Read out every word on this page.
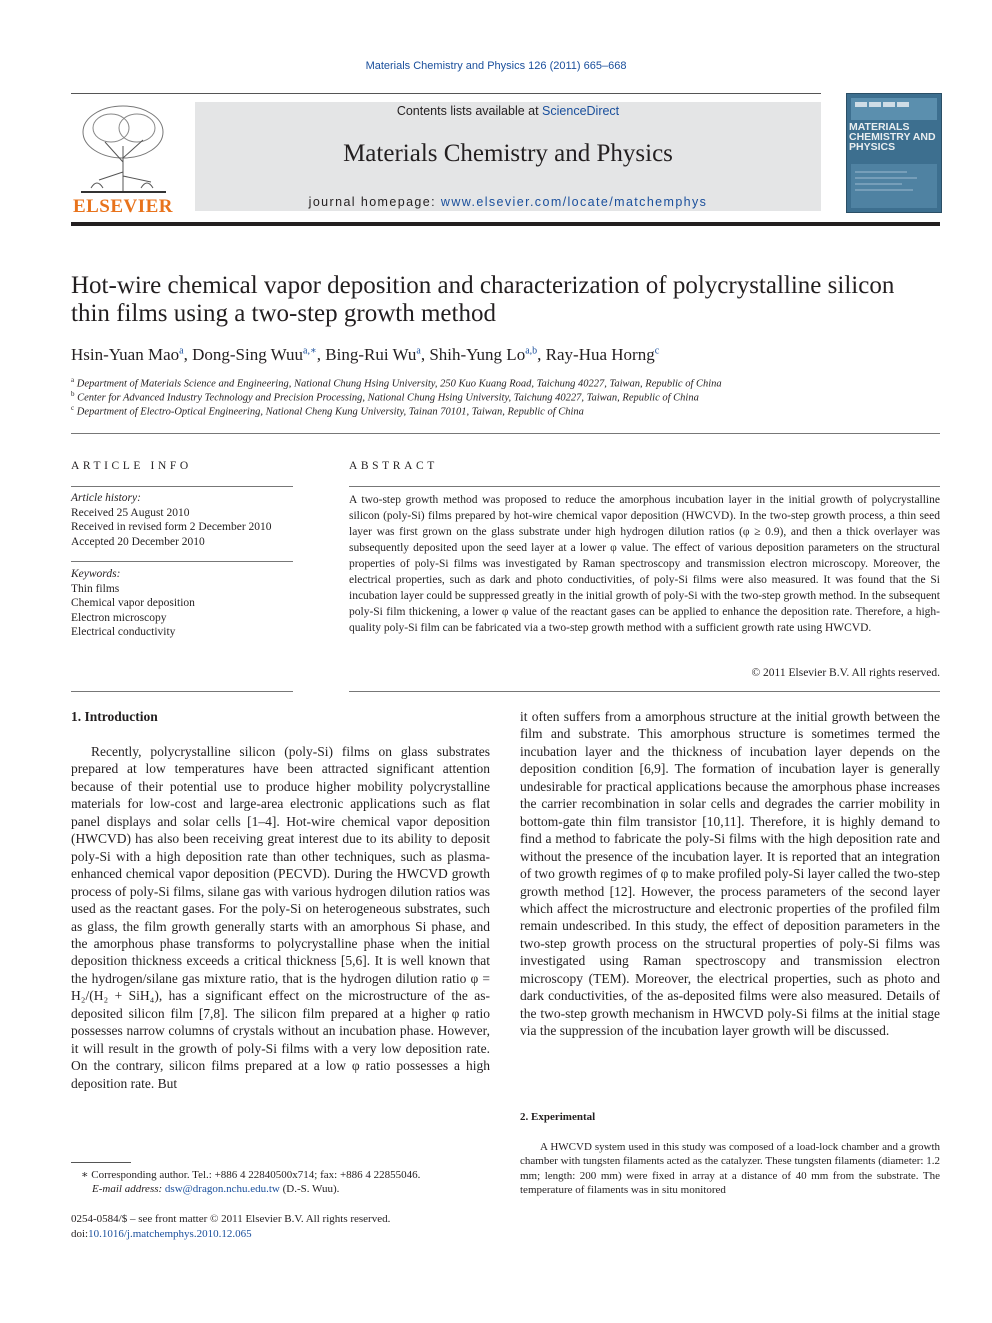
Materials Chemistry and Physics 126 (2011) 665–668
ELSEVIER
Contents lists available at ScienceDirect
Materials Chemistry and Physics
journal homepage: www.elsevier.com/locate/matchemphys
MATERIALS CHEMISTRY AND PHYSICS
Hot-wire chemical vapor deposition and characterization of polycrystalline silicon thin films using a two-step growth method
Hsin-Yuan Mao$^a$, Dong-Sing Wuu$^{a,∗}$, Bing-Rui Wu$^a$, Shih-Yung Lo$^{a,b}$, Ray-Hua Horng$^c$
$^a$ Department of Materials Science and Engineering, National Chung Hsing University, 250 Kuo Kuang Road, Taichung 40227, Taiwan, Republic of China
$^b$ Center for Advanced Industry Technology and Precision Processing, National Chung Hsing University, Taichung 40227, Taiwan, Republic of China
$^c$ Department of Electro-Optical Engineering, National Cheng Kung University, Tainan 70101, Taiwan, Republic of China
ARTICLE INFO
Article history:
Received 25 August 2010
Received in revised form 2 December 2010
Accepted 20 December 2010
Keywords:
Thin films
Chemical vapor deposition
Electron microscopy
Electrical conductivity
ABSTRACT
A two-step growth method was proposed to reduce the amorphous incubation layer in the initial growth of polycrystalline silicon (poly-Si) films prepared by hot-wire chemical vapor deposition (HWCVD). In the two-step growth process, a thin seed layer was first grown on the glass substrate under high hydrogen dilution ratios (φ ≥ 0.9), and then a thick overlayer was subsequently deposited upon the seed layer at a lower φ value. The effect of various deposition parameters on the structural properties of poly-Si films was investigated by Raman spectroscopy and transmission electron microscopy. Moreover, the electrical properties, such as dark and photo conductivities, of poly-Si films were also measured. It was found that the Si incubation layer could be suppressed greatly in the initial growth of poly-Si with the two-step growth method. In the subsequent poly-Si film thickening, a lower φ value of the reactant gases can be applied to enhance the deposition rate. Therefore, a high-quality poly-Si film can be fabricated via a two-step growth method with a sufficient growth rate using HWCVD.
© 2011 Elsevier B.V. All rights reserved.
1. Introduction
Recently, polycrystalline silicon (poly-Si) films on glass substrates prepared at low temperatures have been attracted significant attention because of their potential use to produce higher mobility polycrystalline materials for low-cost and large-area electronic applications such as flat panel displays and solar cells [1–4]. Hot-wire chemical vapor deposition (HWCVD) has also been receiving great interest due to its ability to deposit poly-Si with a high deposition rate than other techniques, such as plasma-enhanced chemical vapor deposition (PECVD). During the HWCVD growth process of poly-Si films, silane gas with various hydrogen dilution ratios was used as the reactant gases. For the poly-Si on heterogeneous substrates, such as glass, the film growth generally starts with an amorphous Si phase, and the amorphous phase transforms to polycrystalline phase when the initial deposition thickness exceeds a critical thickness [5,6]. It is well known that the hydrogen/silane gas mixture ratio, that is the hydrogen dilution ratio φ = H₂/(H₂ + SiH₄), has a significant effect on the microstructure of the as-deposited silicon film [7,8]. The silicon film prepared at a higher φ ratio possesses narrow columns of crystals without an incubation phase. However, it will result in the growth of poly-Si films with a very low deposition rate. On the contrary, silicon films prepared at a low φ ratio possesses a high deposition rate. But
it often suffers from a amorphous structure at the initial growth between the film and substrate. This amorphous structure is sometimes termed the incubation layer and the thickness of incubation layer depends on the deposition condition [6,9]. The formation of incubation layer is generally undesirable for practical applications because the amorphous phase increases the carrier recombination in solar cells and degrades the carrier mobility in bottom-gate thin film transistor [10,11]. Therefore, it is highly demand to find a method to fabricate the poly-Si films with the high deposition rate and without the presence of the incubation layer. It is reported that an integration of two growth regimes of φ to make profiled poly-Si layer called the two-step growth method [12]. However, the process parameters of the second layer which affect the microstructure and electronic properties of the profiled film remain undescribed. In this study, the effect of deposition parameters in the two-step growth process on the structural properties of poly-Si films was investigated using Raman spectroscopy and transmission electron microscopy (TEM). Moreover, the electrical properties, such as photo and dark conductivities, of the as-deposited films were also measured. Details of the two-step growth mechanism in HWCVD poly-Si films at the initial stage via the suppression of the incubation layer growth will be discussed.
2. Experimental
A HWCVD system used in this study was composed of a load-lock chamber and a growth chamber with tungsten filaments acted as the catalyzer. These tungsten filaments (diameter: 1.2 mm; length: 200 mm) were fixed in array at a distance of 40 mm from the substrate. The temperature of filaments was in situ monitored
∗ Corresponding author. Tel.: +886 4 22840500x714; fax: +886 4 22855046.
E-mail address: dsw@dragon.nchu.edu.tw (D.-S. Wuu).
0254-0584/$ – see front matter © 2011 Elsevier B.V. All rights reserved.
doi:10.1016/j.matchemphys.2010.12.065
